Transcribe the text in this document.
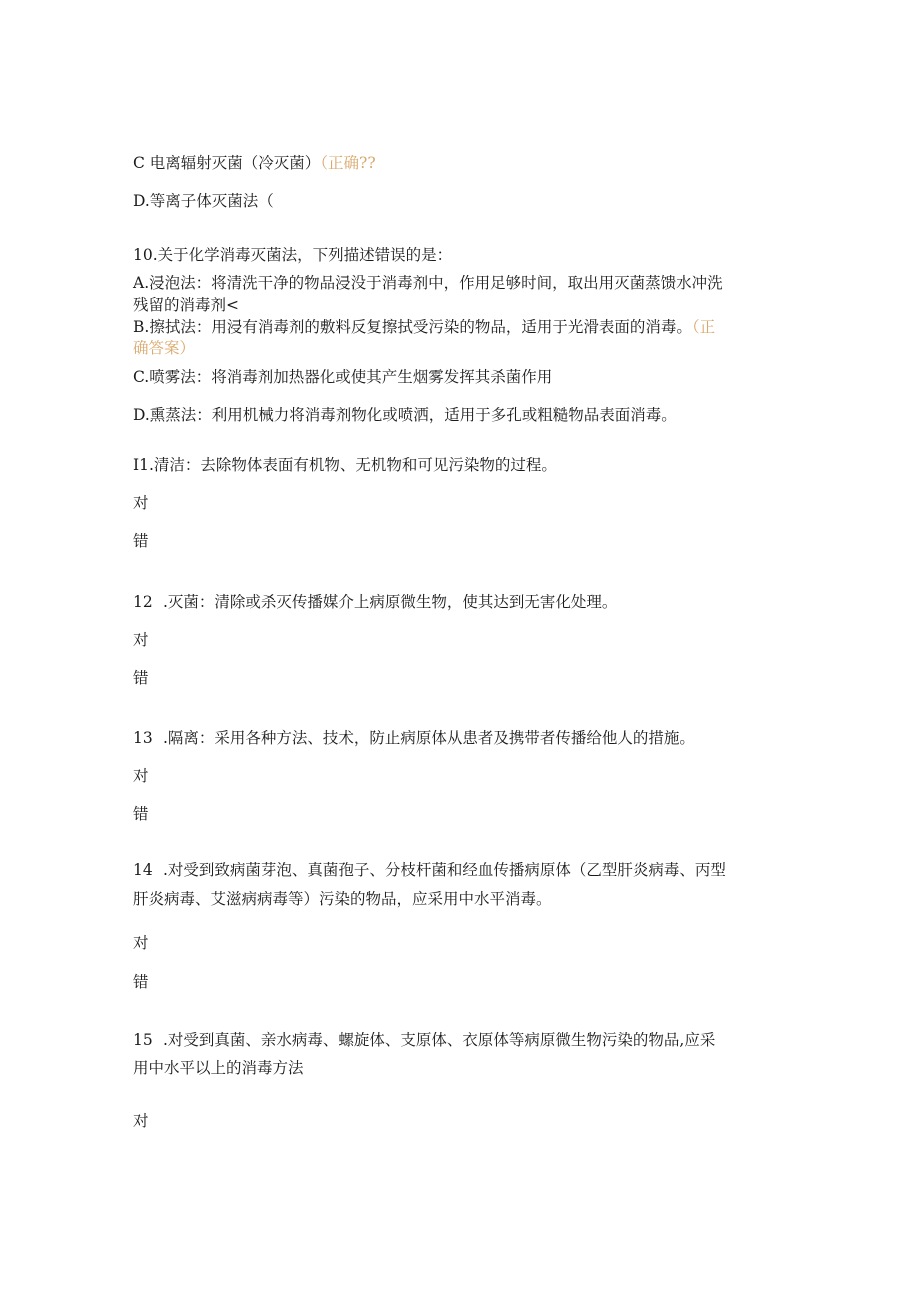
C 电离辐射灭菌（冷灭菌）（正确??
D.等离子体灭菌法（
10.关于化学消毒灭菌法，下列描述错误的是：
A.浸泡法：将清洗干净的物品浸没于消毒剂中，作用足够时间，取出用灭菌蒸馈水冲洗
残留的消毒剂<
B.擦拭法：用浸有消毒剂的敷料反复擦拭受污染的物品，适用于光滑表面的消毒。（正
确答案）
C.喷雾法：将消毒剂加热器化或使其产生烟雾发挥其杀菌作用
D.熏蒸法：利用机械力将消毒剂物化或喷洒，适用于多孔或粗糙物品表面消毒。
I1.清洁：去除物体表面有机物、无机物和可见污染物的过程。
对
错
12 .灭菌：清除或杀灭传播媒介上病原微生物，使其达到无害化处理。
对
错
13 .隔离：采用各种方法、技术，防止病原体从患者及携带者传播给他人的措施。
对
错
14 .对受到致病菌芽泡、真菌孢子、分枝杆菌和经血传播病原体（乙型肝炎病毒、丙型
肝炎病毒、艾滋病病毒等）污染的物品，应采用中水平消毒。
对
错
15 .对受到真菌、亲水病毒、螺旋体、支原体、衣原体等病原微生物污染的物品,应采
用中水平以上的消毒方法
对
